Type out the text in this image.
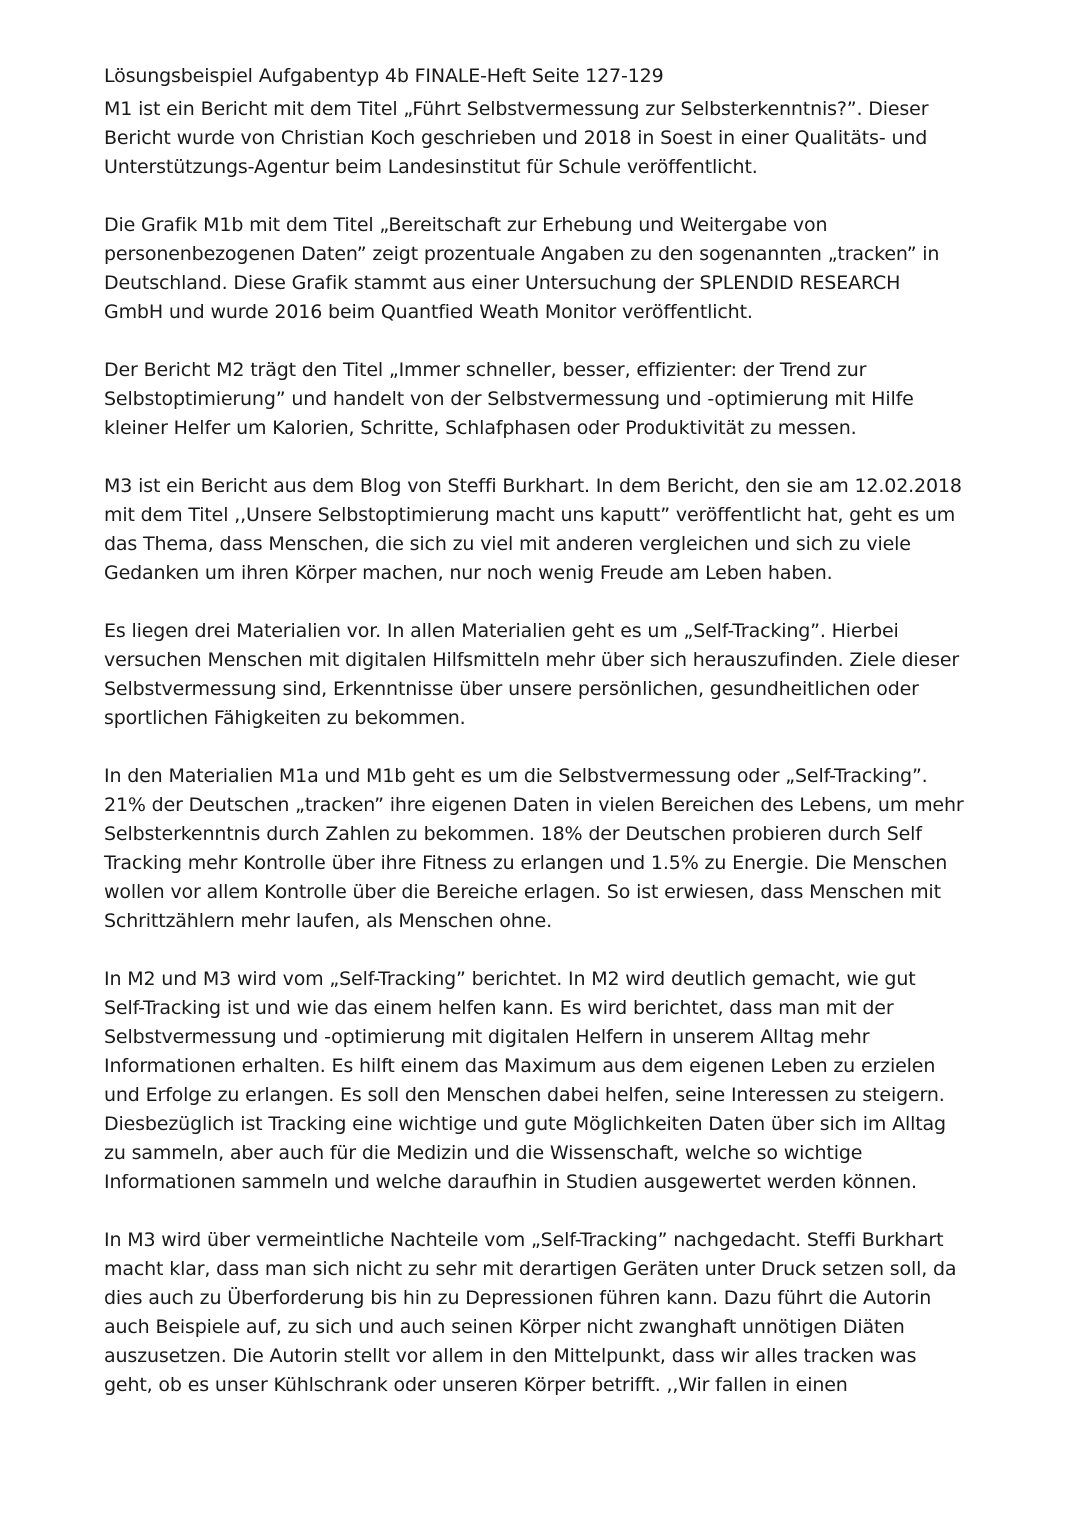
Lösungsbeispiel Aufgabentyp 4b FINALE-Heft Seite 127-129
M1 ist ein Bericht mit dem Titel „Führt Selbstvermessung zur Selbsterkenntnis?”. Dieser
Bericht wurde von Christian Koch geschrieben und 2018 in Soest in einer Qualitäts- und
Unterstützungs-Agentur beim Landesinstitut für Schule veröffentlicht.
Die Grafik M1b mit dem Titel „Bereitschaft zur Erhebung und Weitergabe von
personenbezogenen Daten” zeigt prozentuale Angaben zu den sogenannten „tracken” in
Deutschland. Diese Grafik stammt aus einer Untersuchung der SPLENDID RESEARCH
GmbH und wurde 2016 beim Quantfied Weath Monitor veröffentlicht.
Der Bericht M2 trägt den Titel „Immer schneller, besser, effizienter: der Trend zur
Selbstoptimierung” und handelt von der Selbstvermessung und -optimierung mit Hilfe
kleiner Helfer um Kalorien, Schritte, Schlafphasen oder Produktivität zu messen.
M3 ist ein Bericht aus dem Blog von Steffi Burkhart. In dem Bericht, den sie am 12.02.2018
mit dem Titel ,,Unsere Selbstoptimierung macht uns kaputt” veröffentlicht hat, geht es um
das Thema, dass Menschen, die sich zu viel mit anderen vergleichen und sich zu viele
Gedanken um ihren Körper machen, nur noch wenig Freude am Leben haben.
Es liegen drei Materialien vor. In allen Materialien geht es um „Self-Tracking”. Hierbei
versuchen Menschen mit digitalen Hilfsmitteln mehr über sich herauszufinden. Ziele dieser
Selbstvermessung sind, Erkenntnisse über unsere persönlichen, gesundheitlichen oder
sportlichen Fähigkeiten zu bekommen.
In den Materialien M1a und M1b geht es um die Selbstvermessung oder „Self-Tracking”.
21% der Deutschen „tracken” ihre eigenen Daten in vielen Bereichen des Lebens, um mehr
Selbsterkenntnis durch Zahlen zu bekommen. 18% der Deutschen probieren durch Self
Tracking mehr Kontrolle über ihre Fitness zu erlangen und 1.5% zu Energie. Die Menschen
wollen vor allem Kontrolle über die Bereiche erlagen. So ist erwiesen, dass Menschen mit
Schrittzählern mehr laufen, als Menschen ohne.
In M2 und M3 wird vom „Self-Tracking” berichtet. In M2 wird deutlich gemacht, wie gut
Self-Tracking ist und wie das einem helfen kann. Es wird berichtet, dass man mit der
Selbstvermessung und -optimierung mit digitalen Helfern in unserem Alltag mehr
Informationen erhalten. Es hilft einem das Maximum aus dem eigenen Leben zu erzielen
und Erfolge zu erlangen. Es soll den Menschen dabei helfen, seine Interessen zu steigern.
Diesbezüglich ist Tracking eine wichtige und gute Möglichkeiten Daten über sich im Alltag
zu sammeln, aber auch für die Medizin und die Wissenschaft, welche so wichtige
Informationen sammeln und welche daraufhin in Studien ausgewertet werden können.
In M3 wird über vermeintliche Nachteile vom „Self-Tracking” nachgedacht. Steffi Burkhart
macht klar, dass man sich nicht zu sehr mit derartigen Geräten unter Druck setzen soll, da
dies auch zu Überforderung bis hin zu Depressionen führen kann. Dazu führt die Autorin
auch Beispiele auf, zu sich und auch seinen Körper nicht zwanghaft unnötigen Diäten
auszusetzen. Die Autorin stellt vor allem in den Mittelpunkt, dass wir alles tracken was
geht, ob es unser Kühlschrank oder unseren Körper betrifft. ,,Wir fallen in einen
